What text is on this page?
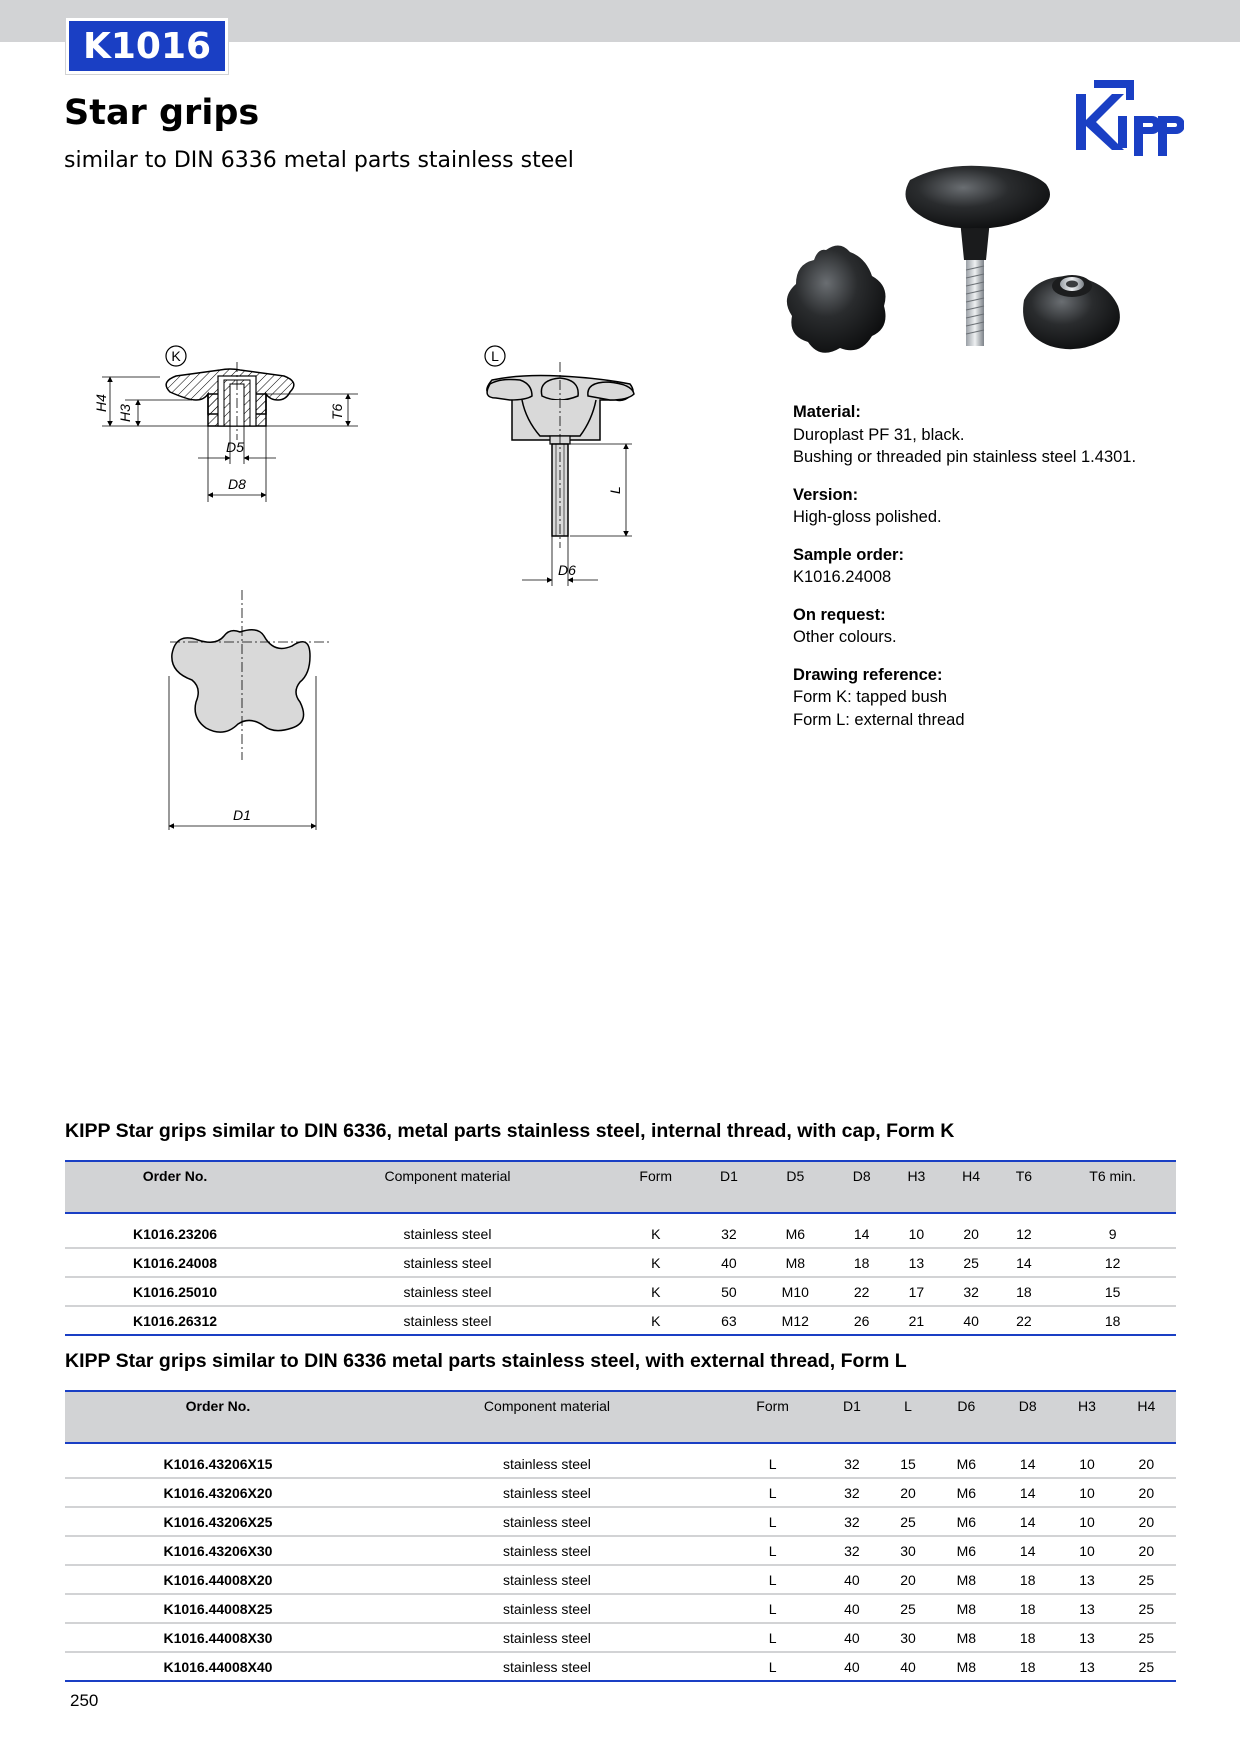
K1016
Star grips
similar to DIN 6336 metal parts stainless steel
K
H4
H3	T6
D5
D8
L
L
D6
D1
Material:
Duroplast PF 31, black.
Bushing or threaded pin stainless steel 1.4301.
Version:
High-gloss polished.
Sample order:
K1016.24008
On request:
Other colours.
Drawing reference:
Form K: tapped bush
Form L: external thread
KIPP Star grips similar to DIN 6336, metal parts stainless steel, internal thread, with cap, Form K
Order No.	Component material	Form	D1	D5	D8	H3	H4	T6	T6 min.

K1016.23206	stainless steel	K	32	M6	14	10	20	12	9
K1016.24008	stainless steel	K	40	M8	18	13	25	14	12
K1016.25010	stainless steel	K	50	M10	22	17	32	18	15
K1016.26312	stainless steel	K	63	M12	26	21	40	22	18
KIPP Star grips similar to DIN 6336 metal parts stainless steel, with external thread, Form L
Order No.	Component material	Form	D1	L	D6	D8	H3	H4

K1016.43206X15	stainless steel	L	32	15	M6	14	10	20
K1016.43206X20	stainless steel	L	32	20	M6	14	10	20
K1016.43206X25	stainless steel	L	32	25	M6	14	10	20
K1016.43206X30	stainless steel	L	32	30	M6	14	10	20
K1016.44008X20	stainless steel	L	40	20	M8	18	13	25
K1016.44008X25	stainless steel	L	40	25	M8	18	13	25
K1016.44008X30	stainless steel	L	40	30	M8	18	13	25
K1016.44008X40	stainless steel	L	40	40	M8	18	13	25
250
